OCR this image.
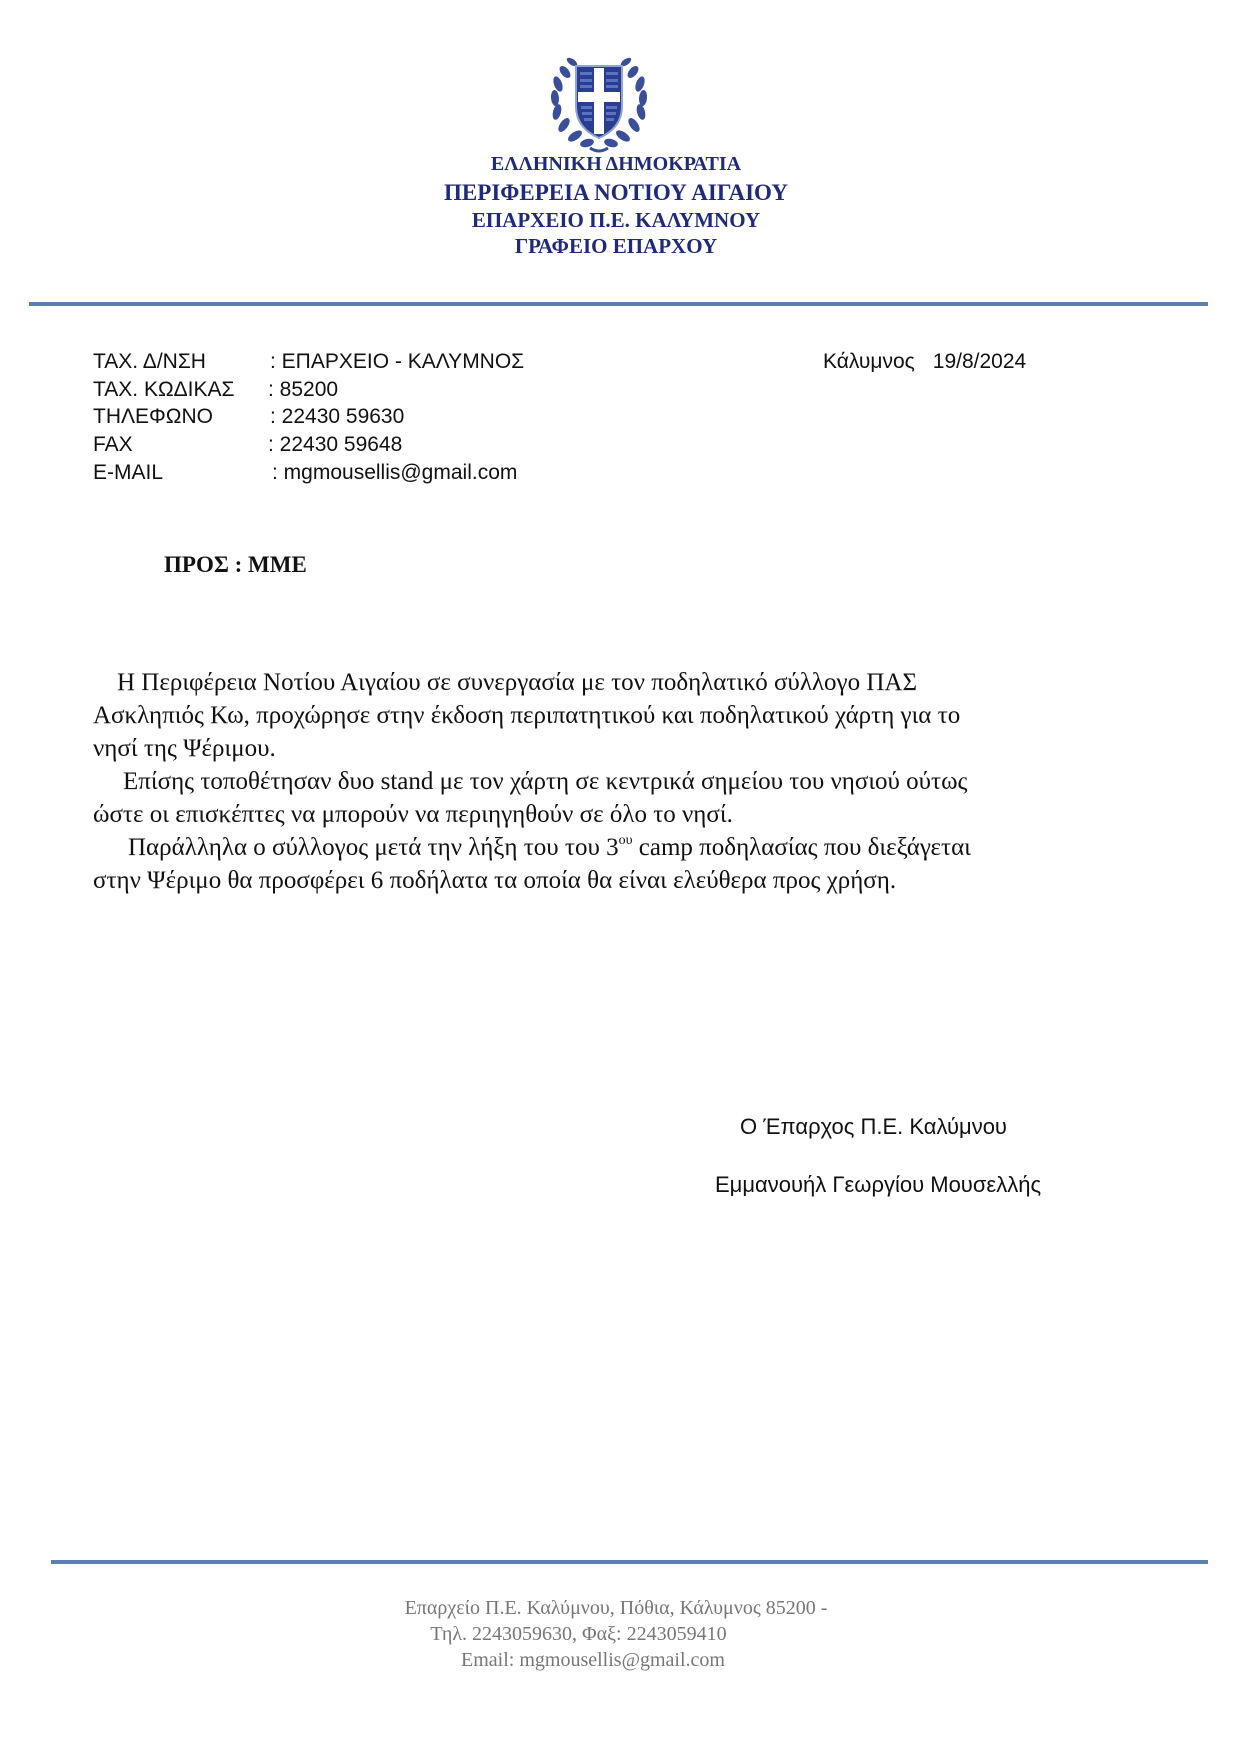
ΕΛΛΗΝΙΚΗ ΔΗΜΟΚΡΑΤΙΑ
ΠΕΡΙΦΕΡΕΙΑ ΝΟΤΙΟΥ ΑΙΓΑΙΟΥ
ΕΠΑΡΧΕΙΟ Π.Ε. ΚΑΛΥΜΝΟΥ
ΓΡΑΦΕΙΟ ΕΠΑΡΧΟΥ
ΤΑΧ. Δ/ΝΣΗ	: ΕΠΑΡΧΕΙΟ - ΚΑΛΥΜΝΟΣ
ΤΑΧ. ΚΩΔΙΚΑΣ : 85200
ΤΗΛΕΦΩΝΟ	: 22430 59630
FAX	: 22430 59648
E-MAIL	: mgmousellis@gmail.com
Κάλυμνος 19/8/2024
ΠΡΟΣ : ΜΜΕ
Η Περιφέρεια Νοτίου Αιγαίου σε συνεργασία με τον ποδηλατικό σύλλογο ΠΑΣ
Ασκληπιός Κω, προχώρησε στην έκδοση περιπατητικού και ποδηλατικού χάρτη για το
νησί της Ψέριμου.
Επίσης τοποθέτησαν δυο stand με τον χάρτη σε κεντρικά σημείου του νησιού ούτως
ώστε οι επισκέπτες να μπορούν να περιηγηθούν σε όλο το νησί.
Παράλληλα ο σύλλογος μετά την λήξη του του $3^{o\upsilon}$ camp ποδηλασίας που διεξάγεται
στην Ψέριμο θα προσφέρει 6 ποδήλατα τα οποία θα είναι ελεύθερα προς χρήση.
Ο Έπαρχος Π.Ε. Καλύμνου
Εμμανουήλ Γεωργίου Μουσελλής
Επαρχείο Π.Ε. Καλύμνου, Πόθια, Κάλυμνος 85200 -
Τηλ. 2243059630, Φαξ: 2243059410
Email: mgmousellis@gmail.com
